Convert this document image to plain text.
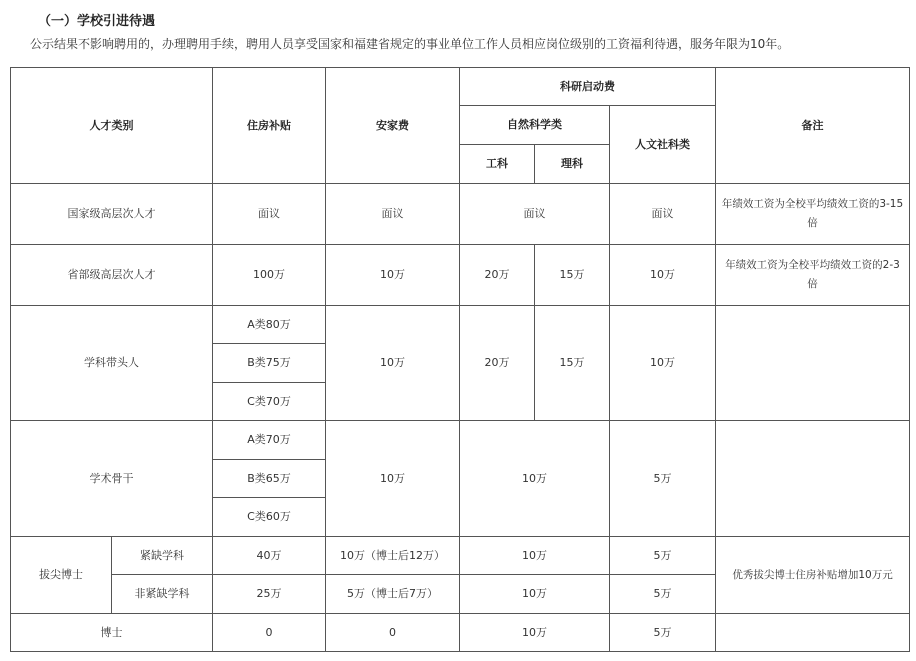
（一）学校引进待遇
公示结果不影响聘用的，办理聘用手续，聘用人员享受国家和福建省规定的事业单位工作人员相应岗位级别的工资福利待遇，服务年限为10年。
人才类别		住房补贴	安家费	科研启动费			备注
				自然科学类		人文社科类	
				工科	理科		
国家级高层次人才		面议	面议	面议		面议	年绩效工资为全校平均绩效工资的3-15倍
省部级高层次人才		100万	10万	20万	15万	10万	年绩效工资为全校平均绩效工资的2-3倍
学科带头人		A类80万	10万	20万	15万	10万	
		B类75万					
		C类70万					
学术骨干		A类70万	10万	10万		5万	
		B类65万					
		C类60万					
拔尖博士	紧缺学科	40万	10万（博士后12万）	10万		5万	优秀拔尖博士住房补贴增加10万元
	非紧缺学科	25万	5万（博士后7万）	10万		5万	
博士		0	0	10万		5万	
